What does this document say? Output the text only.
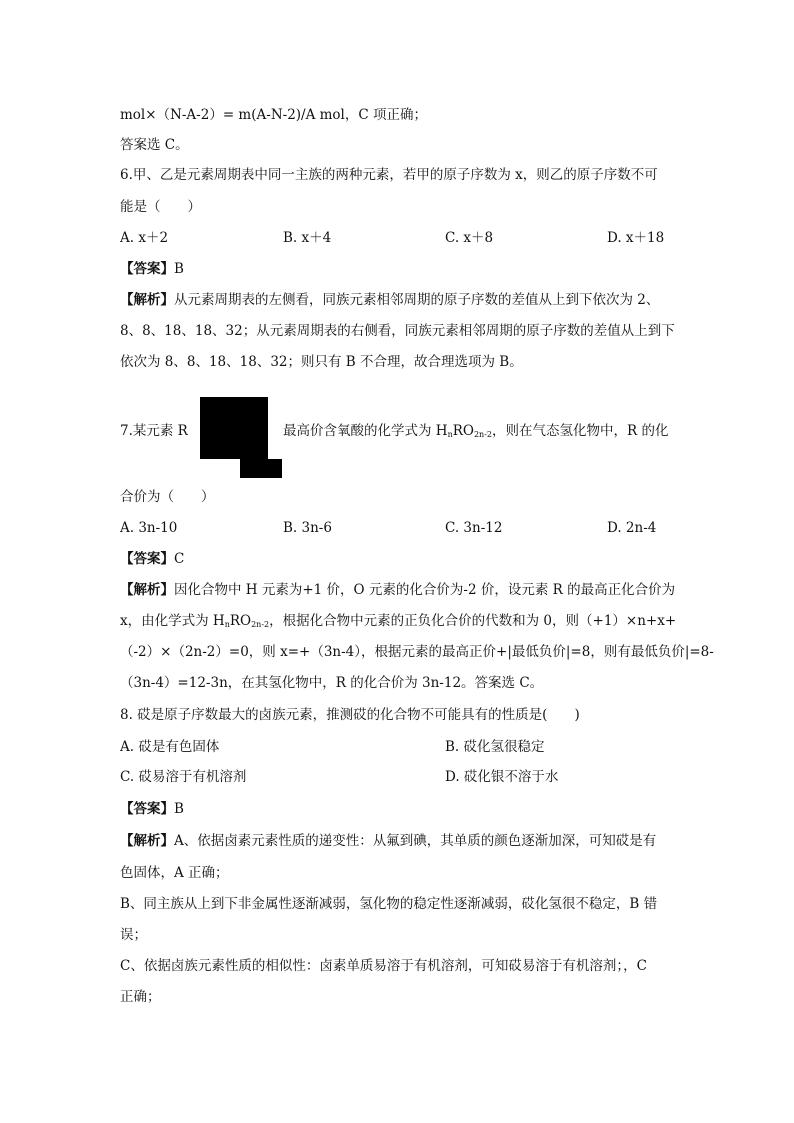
mol×（N-A-2）= m(A-N-2)/A mol，C 项正确；
答案选 C。
6.甲、乙是元素周期表中同一主族的两种元素，若甲的原子序数为 x，则乙的原子序数不可
能是（　　）
A. x＋2	B. x＋4	C. x＋8	D. x＋18
【答案】B
【解析】从元素周期表的左侧看，同族元素相邻周期的原子序数的差值从上到下依次为 2、
8、8、18、18、32；从元素周期表的右侧看，同族元素相邻周期的原子序数的差值从上到下
依次为 8、8、18、18、32；则只有 B 不合理，故合理选项为 B。
7.某元素 R	最高价含氧酸的化学式为 $H_nRO_{2n-2}$，则在气态氢化物中，R 的化
合价为（　　）
A. 3n-10	B. 3n-6	C. 3n-12	D. 2n-4
【答案】C
【解析】因化合物中 H 元素为+1 价，O 元素的化合价为-2 价，设元素 R 的最高正化合价为
x，由化学式为 $H_nRO_{2n-2}$，根据化合物中元素的正负化合价的代数和为 0，则（+1）×n+x+
（-2）×（2n-2）=0，则 x=+（3n-4），根据元素的最高正价+|最低负价|=8，则有最低负价|=8-
（3n-4）=12-3n，在其氢化物中，R 的化合价为 3n-12。答案选 C。
8. 砹是原子序数最大的卤族元素，推测砹的化合物不可能具有的性质是(　　)
A. 砹是有色固体	B. 砹化氢很稳定
C. 砹易溶于有机溶剂	D. 砹化银不溶于水
【答案】B
【解析】A、依据卤素元素性质的递变性：从氟到碘，其单质的颜色逐渐加深，可知砹是有
色固体，A 正确；
B、同主族从上到下非金属性逐渐减弱，氢化物的稳定性逐渐减弱，砹化氢很不稳定，B 错
误；
C、依据卤族元素性质的相似性：卤素单质易溶于有机溶剂，可知砹易溶于有机溶剂；，C
正确；
